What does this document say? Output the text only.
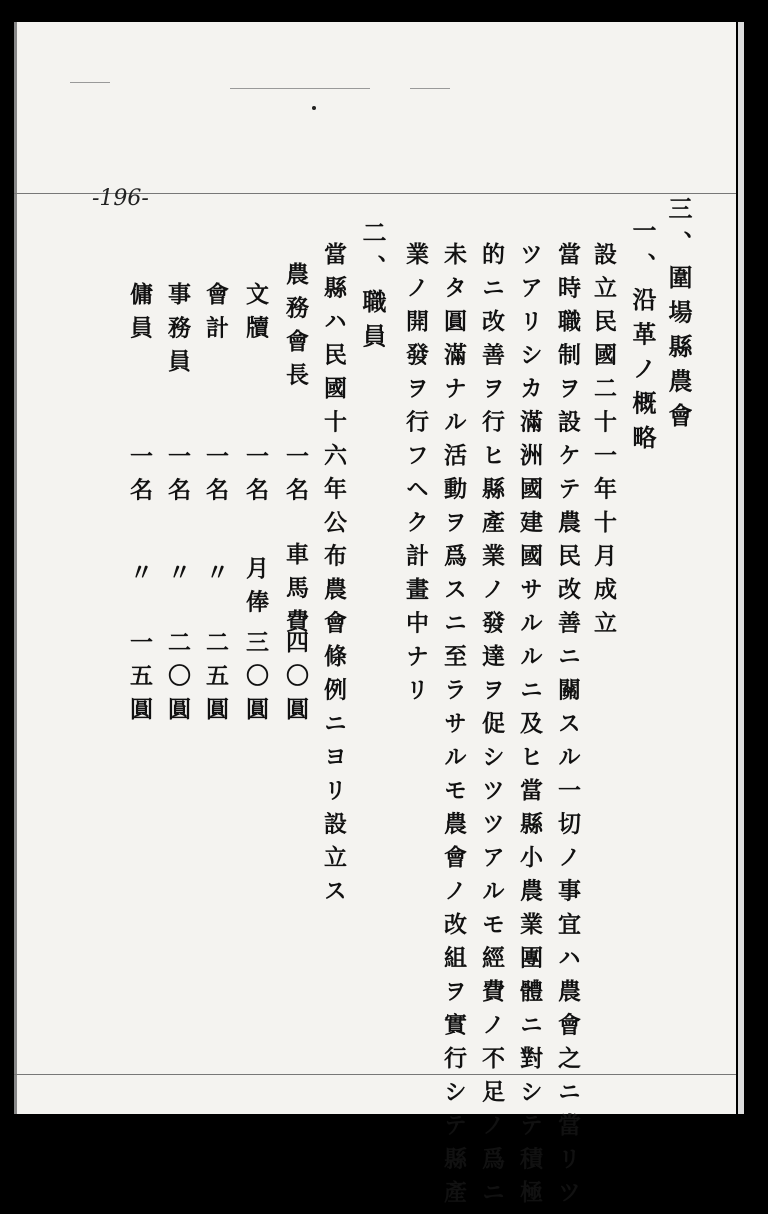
-196-	三、圍場縣農會
一、沿革ノ概略
設立民國二十一年十月成立
當時職制ヲ設ケテ農民改善ニ關スル一切ノ事宜ハ農會之ニ當リツ
ツアリシカ滿洲國建國サルルニ及ヒ當縣小農業團體ニ對シテ積極
的ニ改善ヲ行ヒ縣產業ノ發達ヲ促シツツアルモ經費ノ不足ノ爲ニ
未タ圓滿ナル活動ヲ爲スニ至ラサルモ農會ノ改組ヲ實行シテ縣產
業ノ開發ヲ行フヘク計畫中ナリ
二、職員
當縣ハ民國十六年公布農會條例ニヨリ設立ス
農務會長
一名
車馬費
四〇圓
文牘
一名
月俸
三〇圓
會計
一名
〃
二五圓
事務員
一名
〃
二〇圓
傭員
一名
〃
一五圓
